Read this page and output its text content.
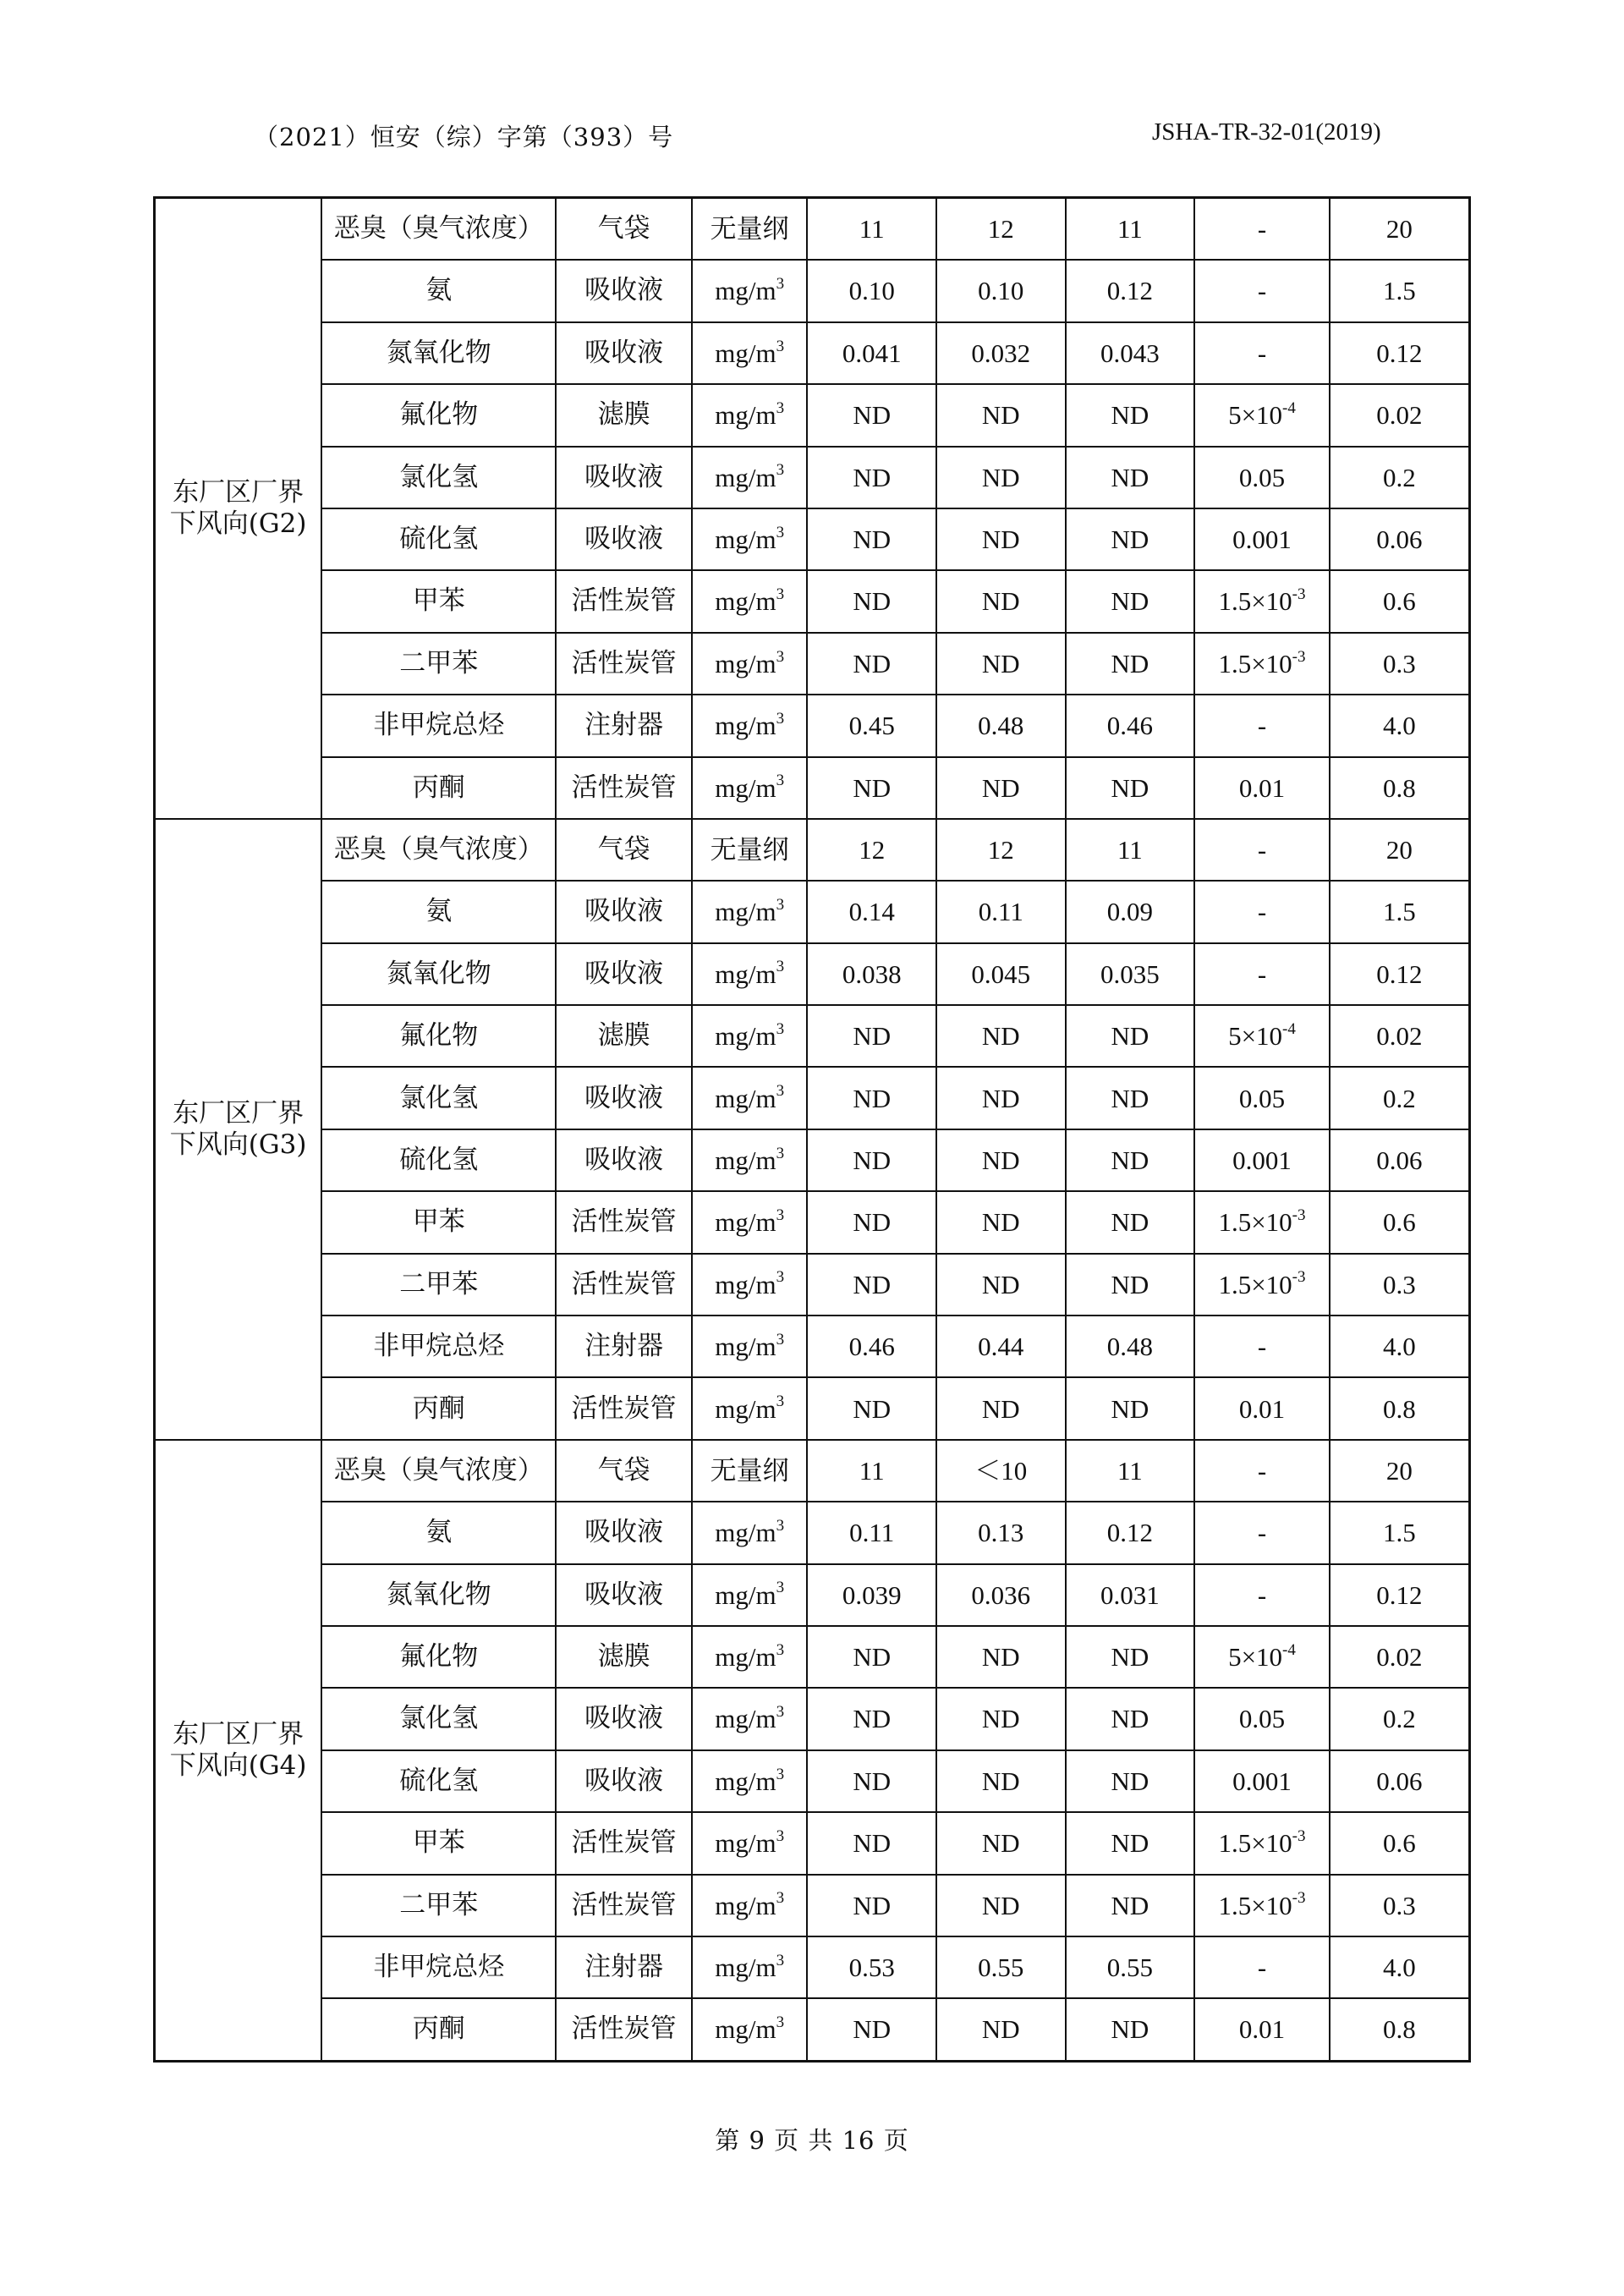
（2021）恒安（综）字第（393）号	JSHA-TR-32-01(2019)
东厂区厂界
下风向(G2)	恶臭（臭气浓度）	气袋	无量纲	11	12	11	-	20
	氨	吸收液	$mg/m^3$	0.10	0.10	0.12	-	1.5
	氮氧化物	吸收液	$mg/m^3$	0.041	0.032	0.043	-	0.12
	氟化物	滤膜	$mg/m^3$	ND	ND	ND	$5\times 10^{-4}$	0.02
	氯化氢	吸收液	$mg/m^3$	ND	ND	ND	0.05	0.2
	硫化氢	吸收液	$mg/m^3$	ND	ND	ND	0.001	0.06
	甲苯	活性炭管	$mg/m^3$	ND	ND	ND	$1.5\times 10^{-3}$	0.6
	二甲苯	活性炭管	$mg/m^3$	ND	ND	ND	$1.5\times 10^{-3}$	0.3
	非甲烷总烃	注射器	$mg/m^3$	0.45	0.48	0.46	-	4.0
	丙酮	活性炭管	$mg/m^3$	ND	ND	ND	0.01	0.8

东厂区厂界
下风向(G3)	恶臭（臭气浓度）	气袋	无量纲	12	12	11	-	20
	氨	吸收液	$mg/m^3$	0.14	0.11	0.09	-	1.5
	氮氧化物	吸收液	$mg/m^3$	0.038	0.045	0.035	-	0.12
	氟化物	滤膜	$mg/m^3$	ND	ND	ND	$5\times 10^{-4}$	0.02
	氯化氢	吸收液	$mg/m^3$	ND	ND	ND	0.05	0.2
	硫化氢	吸收液	$mg/m^3$	ND	ND	ND	0.001	0.06
	甲苯	活性炭管	$mg/m^3$	ND	ND	ND	$1.5\times 10^{-3}$	0.6
	二甲苯	活性炭管	$mg/m^3$	ND	ND	ND	$1.5\times 10^{-3}$	0.3
	非甲烷总烃	注射器	$mg/m^3$	0.46	0.44	0.48	-	4.0
	丙酮	活性炭管	$mg/m^3$	ND	ND	ND	0.01	0.8

东厂区厂界
下风向(G4)	恶臭（臭气浓度）	气袋	无量纲	11	＜10	11	-	20
	氨	吸收液	$mg/m^3$	0.11	0.13	0.12	-	1.5
	氮氧化物	吸收液	$mg/m^3$	0.039	0.036	0.031	-	0.12
	氟化物	滤膜	$mg/m^3$	ND	ND	ND	$5\times 10^{-4}$	0.02
	氯化氢	吸收液	$mg/m^3$	ND	ND	ND	0.05	0.2
	硫化氢	吸收液	$mg/m^3$	ND	ND	ND	0.001	0.06
	甲苯	活性炭管	$mg/m^3$	ND	ND	ND	$1.5\times 10^{-3}$	0.6
	二甲苯	活性炭管	$mg/m^3$	ND	ND	ND	$1.5\times 10^{-3}$	0.3
	非甲烷总烃	注射器	$mg/m^3$	0.53	0.55	0.55	-	4.0
	丙酮	活性炭管	$mg/m^3$	ND	ND	ND	0.01	0.8
第 9 页 共 16 页
